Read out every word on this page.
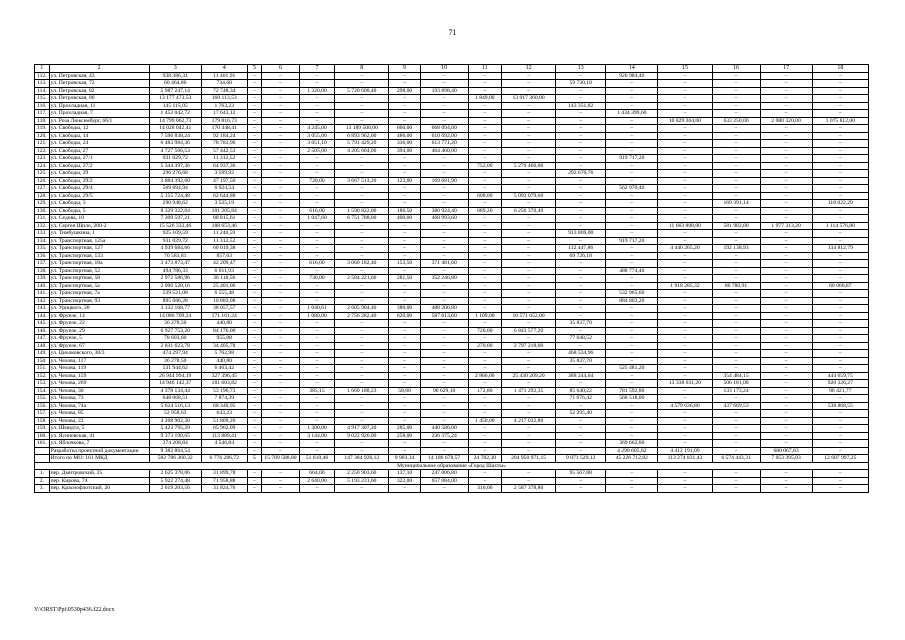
71
1	2	3	4	5	6	7	8	9	10	11	12	13	14	15	16	17	18
112.	ул. Петровская, 43	938 386,31	11 401,91	–	–	–	–	–	–	–	–	–	926 984,40	–	–	–	–
113.	ул. Петровская, 72	60 464,86	734,68	–	–	–	–	–	–	–	–	59 730,18	–	–	–	–	–
114.	ул. Петровская, 82	5 987 247,14	72 748,34	–	–	1 320,00	5 720 600,40	298,00	193 898,40	–	–	–	–	–	–	–	–
115.	ул. Петровская, 86	13 177 473,53	160 113,53	–	–	–	–	–	–	1 849,00	13 017 360,00	–	–	–	–	–	–
116.	ул. Прохладная, 11	145 115,05	1 763,23	–	–	–	–	–	–	–	–	143 351,82	–	–	–	–	–
117.	ул. Прохладная, 7	1 452 042,72	17 643,12	–	–	–	–	–	–	–	–	–	1 434 399,60	–	–	–	–
118.	ул. Роза Люксембург, 66/1	14 799 062,73	179 816,73	–	–	–	–	–	–	–	–	–	–	10 829 364,00	633 250,00	2 080 320,00	1 075 812,00
119.	ул. Свободы, 12	14 028 042,41	170 448,41	–	–	4 245,00	13 189 500,00	660,00	668 094,00	–	–	–	–	–	–	–	–
120.	ул. Свободы, 14	7 596 838,24	92 184,24	–	–	3 055,00	6 893 962,00	486,00	610 692,00	–	–	–	–	–	–	–	–
121.	ул. Свободы, 24	6 483 984,36	78 783,96	–	–	3 051,10	5 791 429,20	336,00	613 771,20	–	–	–	–	–	–	–	–
122.	ул. Свободы, 27	4 727 566,53	57 442,53	–	–	2 505,00	4 205 664,00	394,00	464 460,00	–	–	–	–	–	–	–	–
123.	ул. Свободы, 27/1	931 029,72	11 312,52	–	–	–	–	–	–	–	–	–	919 717,20	–	–	–	–
124.	ул. Свободы, 27/2	5 344 397,36	64 937,36	–	–	–	–	–	–	752,00	5 279 460,00	–	–	–	–	–	–
125.	ул. Свободы, 29	296 276,68	3 599,92	–	–	–	–	–	–	–	–	292 676,76	–	–	–	–	–
126.	ул. Свободы, 29/2	3 884 392,60	47 197,50	–	–	720,00	3 667 513,20	123,00	169 681,90	–	–	–	–	–	–	–	–
127.	ул. Свободы, 29/4	569 894,94	6 924,54	–	–	–	–	–	–	–	–	–	562 970,40	–	–	–	–
128.	ул. Свободы, 29/5	5 155 724,48	62 644,88	–	–	–	–	–	–	608,00	5 093 079,60	–	–	–	–	–	–
129.	ул. Свободы, 3	290 948,62	3 535,19	–	–	–	–	–	–	–	–	–	–	–	169 391,14	–	118 022,29
130.	ул. Свободы, 5	8 329 322,64	101 205,84	–	–	616,00	1 590 822,00	186,50	380 924,40	689,20	6 256 370,40	–	–	–	–	–	–
131.	ул. Седова, 10	7 309 597,21	88 815,61	–	–	1 047,60	6 751 788,00	400,00	468 993,60	–	–	–	–	–	–	–	–
132.	ул. Сергея Шило, 200-2	15 526 333,46	188 653,46	–	–	–	–	–	–	–	–	–	–	11 663 808,00	581 982,00	1 977 313,20	1 114 576,80
133.	ул. Тимбушкина, 1	925 109,59	11 240,59	–	–	–	–	–	–	–	–	913 869,00	–	–	–	–	–
134.	ул. Транспортная, 125а	931 029,72	11 312,52	–	–	–	–	–	–	–	–	–	919 717,20	–	–	–	–
135.	ул. Транспортная, 127	4 939 684,66	60 019,38	–	–	–	–	–	–	–	–	112 447,86	–	4 440 265,20	192 138,93	–	134 812,79
136.	ул. Транспортная, 133	70 583,81	857,63	–	–	–	–	–	–	–	–	69 726,18	–	–	–	–	–
137.	ул. Транспортная, 18а	3 473 873,47	42 209,47	–	–	616,00	3 060 182,40	153,50	371 481,60	–	–	–	–	–	–	–	–
138.	ул. Транспортная, 52	494 786,33	6 011,93	–	–	–	–	–	–	–	–	–	488 774,40	–	–	–	–
139.	ул. Транспортная, 58	2 972 586,96	36 118,56	–	–	730,00	2 584 221,60	281,50	352 246,80	–	–	–	–	–	–	–	–
140.	ул. Транспортная, 5а	2 090 528,16	25 401,06	–	–	–	–	–	–	–	–	–	–	1 918 285,32	86 780,91	–	60 060,87
141.	ул. Транспортная, 7а	539 521,08	6 555,48	–	–	–	–	–	–	–	–	–	532 965,60	–	–	–	–
142.	ул. Транспортная, 93	895 686,28	10 883,08	–	–	–	–	–	–	–	–	–	884 803,20	–	–	–	–
143.	ул. Урицкого, 20	3 132 168,77	38 057,57	–	–	1 040,61	2 605 904,40	380,00	488 206,80	–	–	–	–	–	–	–	–
144.	ул. Фрунзе, 14	14 086 709,24	171 161,24	–	–	1 080,00	2 756 282,40	620,00	587 613,60	1 109,00	10 571 652,00	–	–	–	–	–	–
145.	ул. Фрунзе, 22	36 278,50	440,80	–	–	–	–	–	–	–	–	35 837,70	–	–	–	–	–
146.	ул. Фрунзе, 29	6 927 753,20	84 176,00	–	–	–	–	–	–	720,00	6 843 577,20	–	–	–	–	–	–
147.	ул. Фрунзе, 5	78 603,60	955,08	–	–	–	–	–	–	–	–	77 648,52	–	–	–	–	–
148.	ул. Фрунзе, 67	2 831 623,78	34 405,78	–	–	–	–	–	–	270,00	2 797 218,00	–	–	–	–	–	–
149.	ул. Циолковского, 30/3	474 297,94	5 762,98	–	–	–	–	–	–	–	–	468 534,96	–	–	–	–	–
150.	ул. Чехова, 117	36 278,50	440,80	–	–	–	–	–	–	–	–	35 837,70	–	–	–	–	–
151.	ул. Чехова, 119	531 944,62	6 463,42	–	–	–	–	–	–	–	–	–	525 481,20	–	–	–	–
152.	ул. Чехова, 159	26 944 994,19	327 396,45	–	–	–	–	–	–	2 866,00	25 430 209,20	388 244,64	–	–	354 484,15	–	444 659,75
153.	ул. Чехова, 269	14 946 142,37	181 603,82	–	–	–	–	–	–	–	–	–	–	13 338 031,20	506 181,08	–	920 326,27
154.	ул. Чехова, 30	4 378 134,44	53 196,73	–	–	385,15	1 660 188,23	58,00	96 629,10	172,80	1 471 292,35	85 640,22	781 592,80	–	133 173,24	–	96 421,77
155.	ул. Чехова, 73	648 068,51	7 874,39	–	–	–	–	–	–	–	–	71 676,42	568 518,00	–	–	–	–
156.	ул. Чехова, 74а	5 624 516,13	68 340,95	–	–	–	–	–	–	–	–	–	–	4 579 636,80	437 669,53	–	538 868,55
157.	ул. Чехова, 85	52 958,63	643,23	–	–	–	–	–	–	–	–	52 295,40	–	–	–	–	–
158.	ул. Чехова, 22	4 268 902,30	51 869,20	–	–	–	–	–	–	1 450,00	4 217 032,80	–	–	–	–	–	–
159.	ул. Шмидта, 5	5 423 795,29	65 902,09	–	–	1 300,00	4 917 307,20	285,00	440 586,00	–	–	–	–	–	–	–	–
160.	ул. Ясиновская, 41	9 373 190,65	113 889,41	–	–	3 144,00	9 022 926,00	258,00	236 375,24	–	–	–	–	–	–	–	–
161.	ул. Яблочкова, 7	374 208,84	4 546,84	–	–	–	–	–	–	–	–	–	369 662,00	–	–	–	–
	Разработка проектной документации	9 382 864,54		–	–	–	–	–	–	–	–	–	4 290 605,62	4 412 191,09	–	680 067,83	–
	Итого по МО: 161 МКД	582 786 360,32	6 776 286,72	5	15 709 588,80	51 610,46	147 384 926,12	9 903,34	14 186 678,57	24 782,30	204 950 971,15	9 071 529,12	45 226 712,82	113 274 831,43	6 574 443,31	7 053 395,03	12 607 997,25
Муниципальное образование «Город Шахты»																	
1.	пер. Дмитровский, 25	2 625 378,06	31 899,78	–	–	664,00	2 250 903,60	137,10	247 006,80	–	–	95 567,88	–	–	–	–	–
2.	пер. Кирова, 74	5 922 274,48	71 958,88	–	–	2 640,00	5 193 231,60	322,00	657 084,00	–	–	–	–	–	–	–	–
3.	пер. Краснофлотский, 20	2 619 203,56	31 824,76	–	–	–	–	–	–	310,00	2 587 378,80	–	–	–	–	–	–
Y:\ORST\Ppi\0530p436.f22.docx
